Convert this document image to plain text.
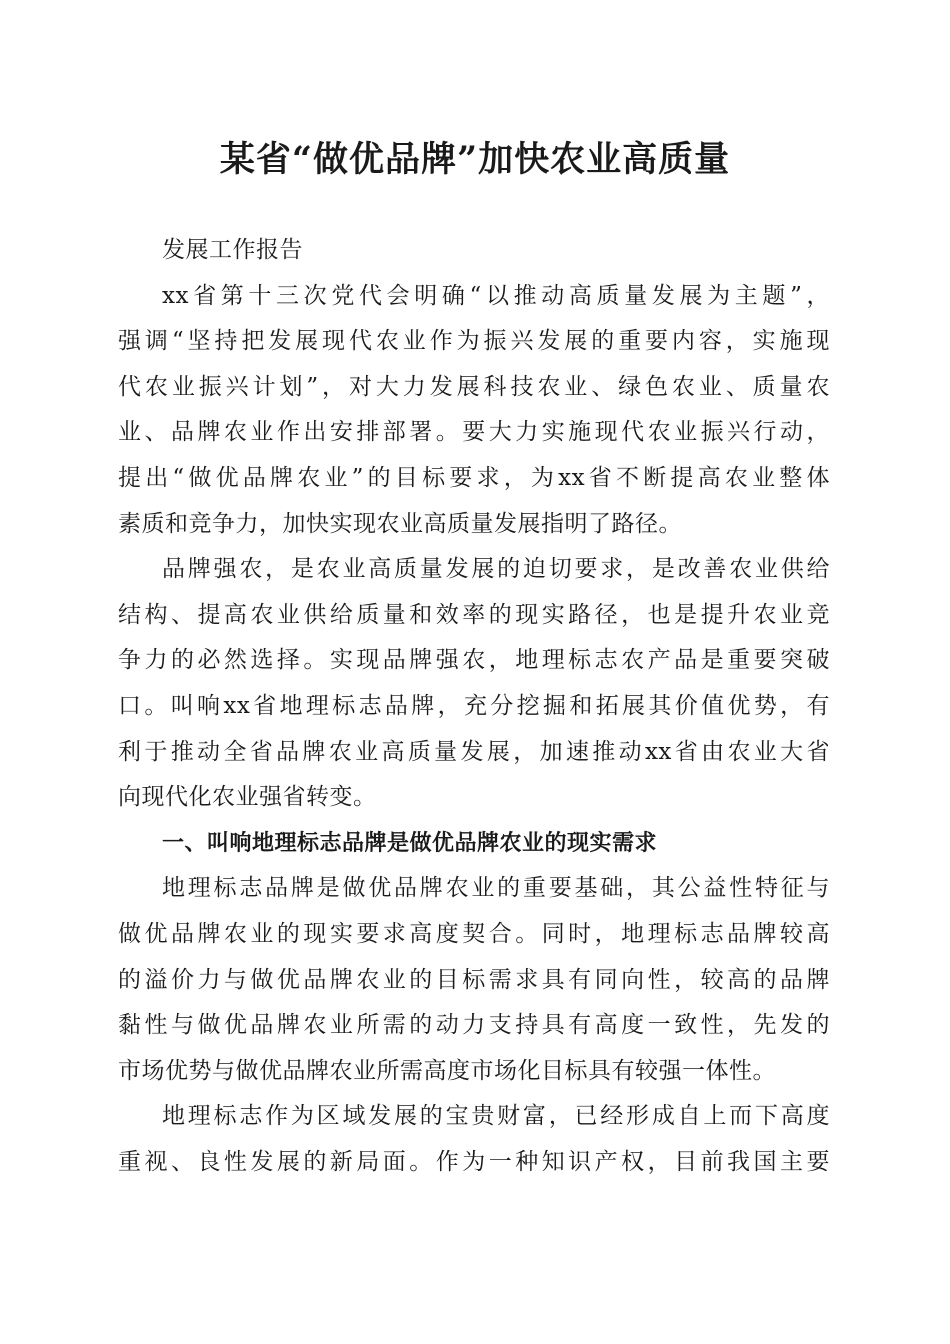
某省“做优品牌”加快农业高质量
发展工作报告
xx省第十三次党代会明确“以推动高质量发展为主题”，
强调“坚持把发展现代农业作为振兴发展的重要内容，实施现
代农业振兴计划”，对大力发展科技农业、绿色农业、质量农
业、品牌农业作出安排部署。要大力实施现代农业振兴行动，
提出“做优品牌农业”的目标要求，为xx省不断提高农业整体
素质和竞争力，加快实现农业高质量发展指明了路径。
品牌强农，是农业高质量发展的迫切要求，是改善农业供给
结构、提高农业供给质量和效率的现实路径，也是提升农业竞
争力的必然选择。实现品牌强农，地理标志农产品是重要突破
口。叫响xx省地理标志品牌，充分挖掘和拓展其价值优势，有
利于推动全省品牌农业高质量发展，加速推动xx省由农业大省
向现代化农业强省转变。
一、叫响地理标志品牌是做优品牌农业的现实需求
地理标志品牌是做优品牌农业的重要基础，其公益性特征与
做优品牌农业的现实要求高度契合。同时，地理标志品牌较高
的溢价力与做优品牌农业的目标需求具有同向性，较高的品牌
黏性与做优品牌农业所需的动力支持具有高度一致性，先发的
市场优势与做优品牌农业所需高度市场化目标具有较强一体性。
地理标志作为区域发展的宝贵财富，已经形成自上而下高度
重视、良性发展的新局面。作为一种知识产权，目前我国主要
